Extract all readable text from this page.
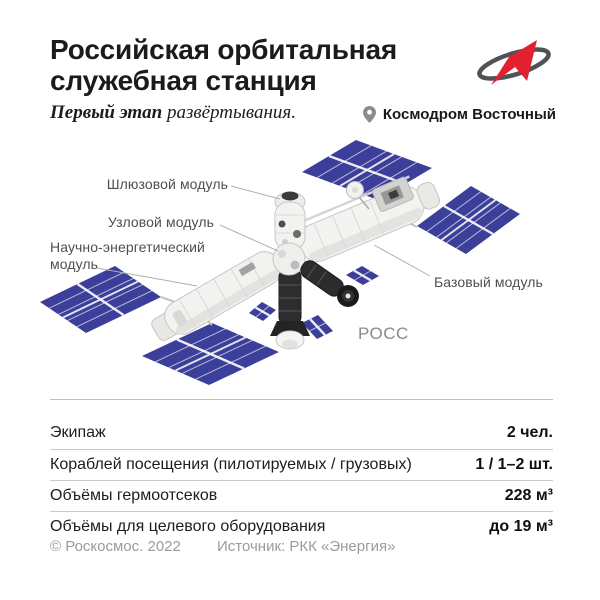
Российская орбитальная
служебная станция
Первый этап развёртывания.	Космодром Восточный
Шлюзовой модуль
Узловой модуль
Научно-энергетический модуль
Базовый модуль
РОСС
Экипаж	2 чел.
Кораблей посещения (пилотируемых / грузовых)	1 / 1–2 шт.
Объёмы гермоотсеков	228 м³
Объёмы для целевого оборудования	до 19 м³
© Роскосмос. 2022	Источник: РКК «Энергия»
